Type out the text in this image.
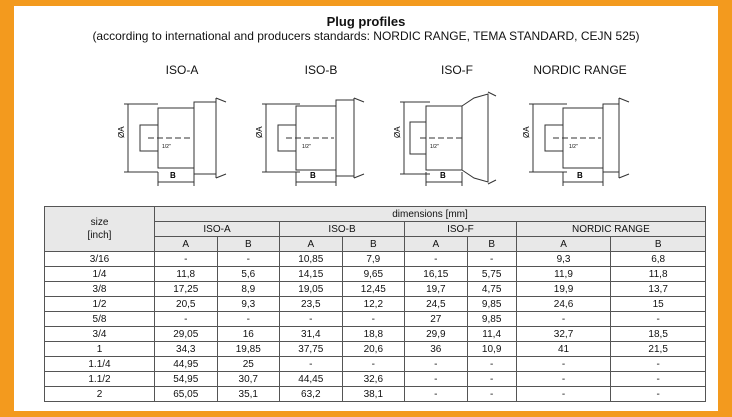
Plug profiles
(according to international and producers standards: NORDIC RANGE, TEMA STANDARD, CEJN 525)
ISO-A	ISO-B	ISO-F	NORDIC RANGE
ØA
B
1/2"
ØA
B
1/2"
ØA
B
1/2"
ØA
B
1/2"
size
[inch]	dimensions [mm]							
	ISO-A		ISO-B		ISO-F		NORDIC RANGE	
	A	B	A	B	A	B	A	B
3/16	-	-	10,85	7,9	-	-	9,3	6,8
1/4	11,8	5,6	14,15	9,65	16,15	5,75	11,9	11,8
3/8	17,25	8,9	19,05	12,45	19,7	4,75	19,9	13,7
1/2	20,5	9,3	23,5	12,2	24,5	9,85	24,6	15
5/8	-	-	-	-	27	9,85	-	-
3/4	29,05	16	31,4	18,8	29,9	11,4	32,7	18,5
1	34,3	19,85	37,75	20,6	36	10,9	41	21,5
1.1/4	44,95	25	-	-	-	-	-	-
1.1/2	54,95	30,7	44,45	32,6	-	-	-	-
2	65,05	35,1	63,2	38,1	-	-	-	-
